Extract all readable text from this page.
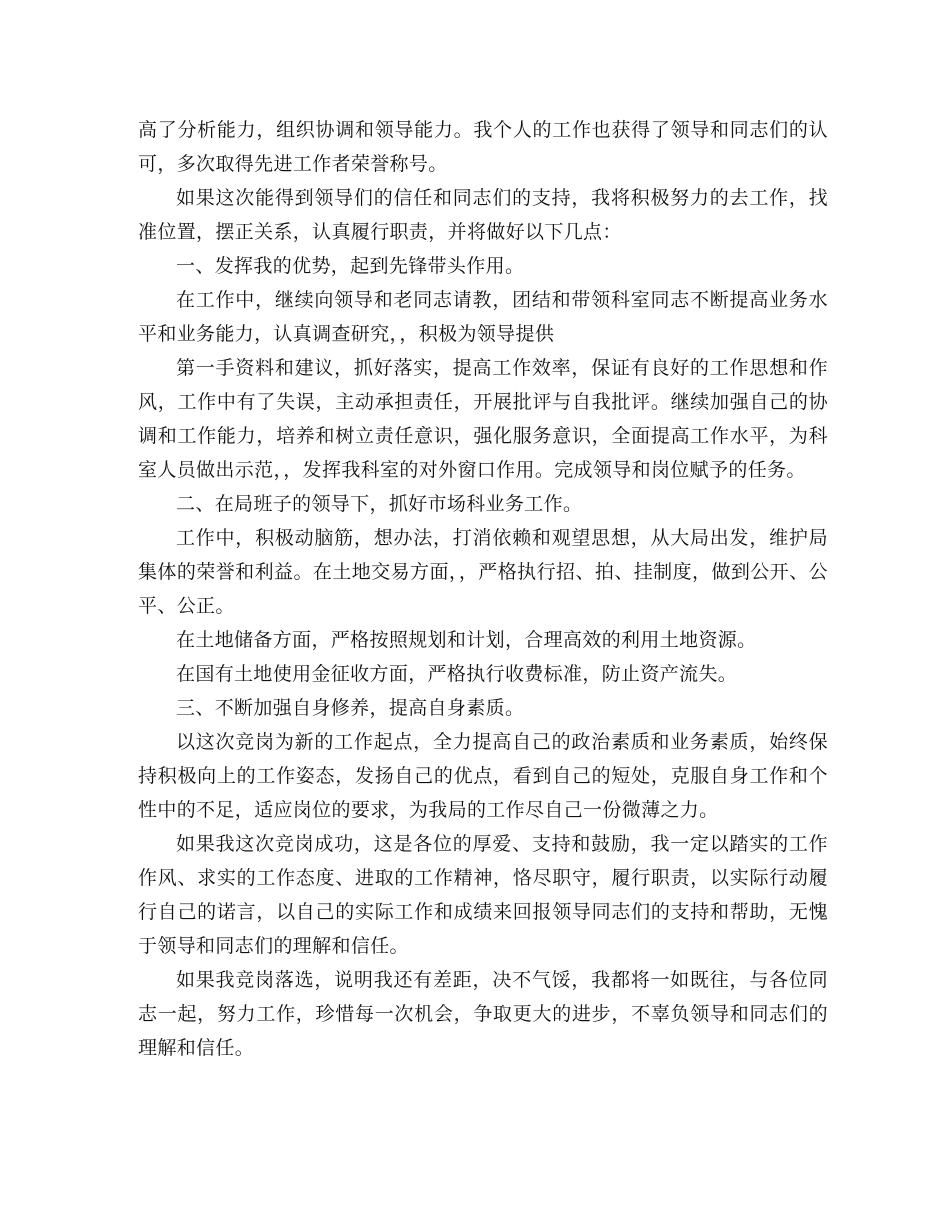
高了分析能力，组织协调和领导能力。我个人的工作也获得了领导和同志们的认可，多次取得先进工作者荣誉称号。

如果这次能得到领导们的信任和同志们的支持，我将积极努力的去工作，找准位置，摆正关系，认真履行职责，并将做好以下几点：

一、发挥我的优势，起到先锋带头作用。

在工作中，继续向领导和老同志请教，团结和带领科室同志不断提高业务水平和业务能力，认真调查研究，，积极为领导提供

第一手资料和建议，抓好落实，提高工作效率，保证有良好的工作思想和作风，工作中有了失误，主动承担责任，开展批评与自我批评。继续加强自己的协调和工作能力，培养和树立责任意识，强化服务意识，全面提高工作水平，为科室人员做出示范，，发挥我科室的对外窗口作用。完成领导和岗位赋予的任务。

二、在局班子的领导下，抓好市场科业务工作。

工作中，积极动脑筋，想办法，打消依赖和观望思想，从大局出发，维护局集体的荣誉和利益。在土地交易方面，，严格执行招、拍、挂制度，做到公开、公平、公正。

在土地储备方面，严格按照规划和计划，合理高效的利用土地资源。

在国有土地使用金征收方面，严格执行收费标准，防止资产流失。

三、不断加强自身修养，提高自身素质。

以这次竞岗为新的工作起点，全力提高自己的政治素质和业务素质，始终保持积极向上的工作姿态，发扬自己的优点，看到自己的短处，克服自身工作和个性中的不足，适应岗位的要求，为我局的工作尽自己一份微薄之力。

如果我这次竞岗成功，这是各位的厚爱、支持和鼓励，我一定以踏实的工作作风、求实的工作态度、进取的工作精神，恪尽职守，履行职责，以实际行动履行自己的诺言，以自己的实际工作和成绩来回报领导同志们的支持和帮助，无愧于领导和同志们的理解和信任。

如果我竞岗落选，说明我还有差距，决不气馁，我都将一如既往，与各位同志一起，努力工作，珍惜每一次机会，争取更大的进步，不辜负领导和同志们的理解和信任。
